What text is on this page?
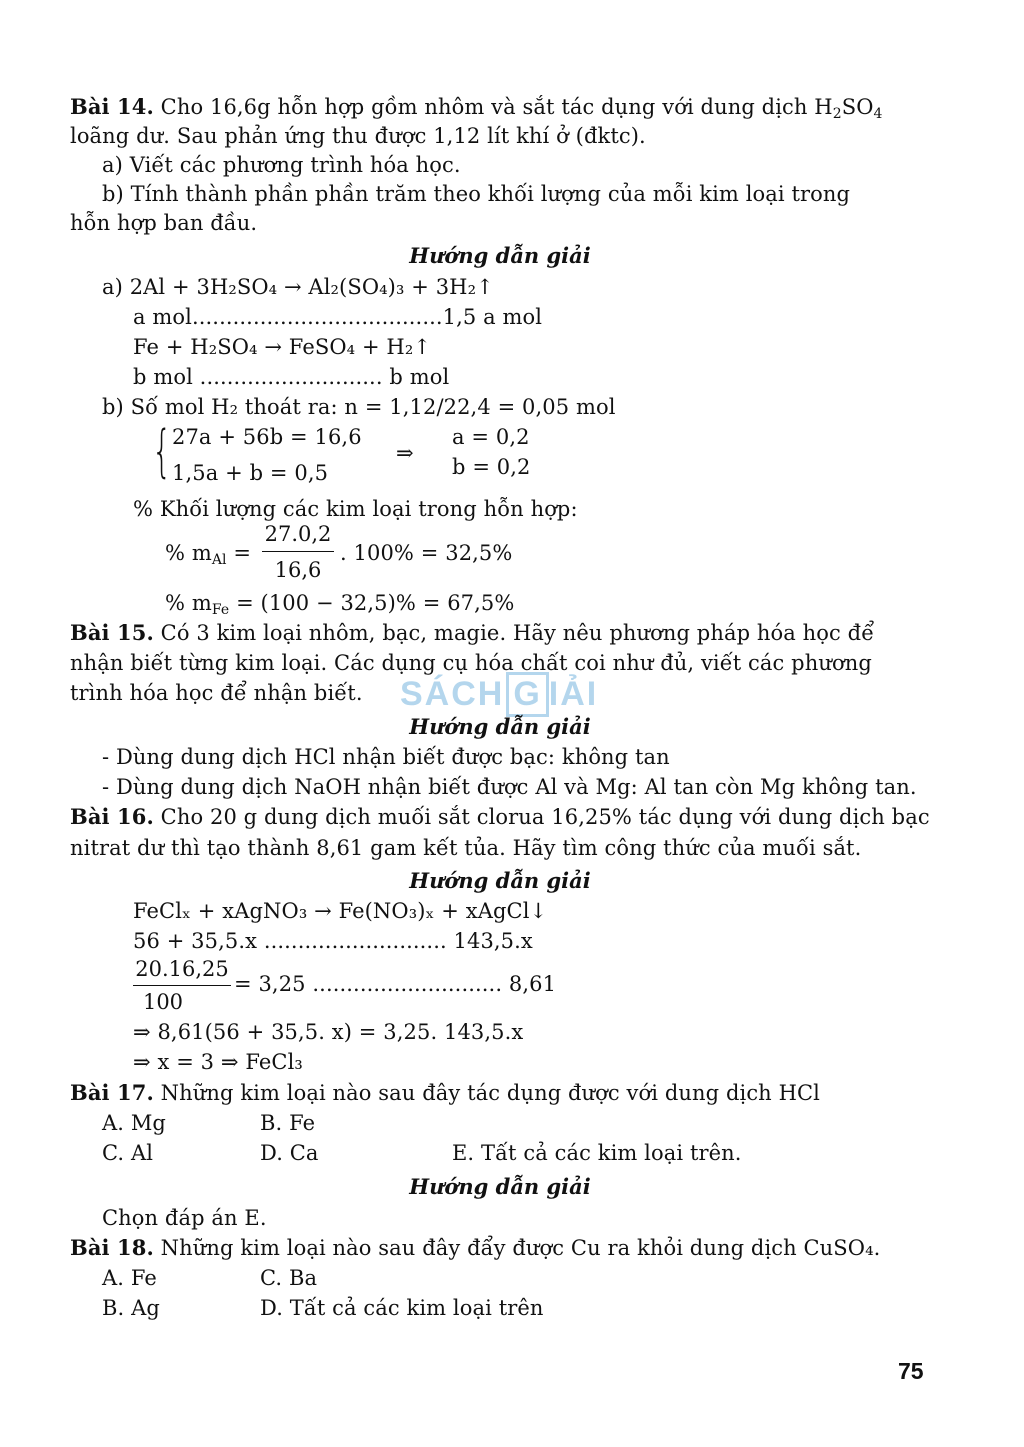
SÁCH G IẢI
Bài 14. Cho 16,6g hỗn hợp gồm nhôm và sắt tác dụng với dung dịch $H_2SO_4$
loãng dư. Sau phản ứng thu được 1,12 lít khí ở (đktc).
a) Viết các phương trình hóa học.
b) Tính thành phần phần trăm theo khối lượng của mỗi kim loại trong
hỗn hợp ban đầu.
Hướng dẫn giải
a) 2Al + 3H₂SO₄ → Al₂(SO₄)₃ + 3H₂↑
a mol.....................................1,5 a mol
Fe + H₂SO₄ → FeSO₄ + H₂↑
b mol ........................... b mol
b) Số mol H₂ thoát ra: n = 1,12/22,4 = 0,05 mol
{ 27a + 56b = 16,6
1,5a + b = 0,5
⇒
a = 0,2
b = 0,2
% Khối lượng các kim loại trong hỗn hợp:
% $m_{Al}$ =
27.0,2
16,6
. 100% = 32,5%
% $m_{Fe} = (100 - 32,5)\% = 67,5\%$
Bài 15. Có 3 kim loại nhôm, bạc, magie. Hãy nêu phương pháp hóa học để
nhận biết từng kim loại. Các dụng cụ hóa chất coi như đủ, viết các phương
trình hóa học để nhận biết.
Hướng dẫn giải
- Dùng dung dịch HCl nhận biết được bạc: không tan
- Dùng dung dịch NaOH nhận biết được Al và Mg: Al tan còn Mg không tan.
Bài 16. Cho 20 g dung dịch muối sắt clorua 16,25% tác dụng với dung dịch bạc
nitrat dư thì tạo thành 8,61 gam kết tủa. Hãy tìm công thức của muối sắt.
Hướng dẫn giải
FeClₓ + xAgNO₃ → Fe(NO₃)ₓ + xAgCl↓
56 + 35,5.x ........................... 143,5.x
20.16,25
100
= 3,25 ............................ 8,61
⇒ 8,61(56 + 35,5. x) = 3,25. 143,5.x
⇒ x = 3 ⇒ FeCl₃
Bài 17. Những kim loại nào sau đây tác dụng được với dung dịch HCl
A. Mg	B. Fe
C. Al	D. Ca	E. Tất cả các kim loại trên.
Hướng dẫn giải
Chọn đáp án E.
Bài 18. Những kim loại nào sau đây đẩy được Cu ra khỏi dung dịch CuSO₄.
A. Fe	C. Ba
B. Ag	D. Tất cả các kim loại trên
75
